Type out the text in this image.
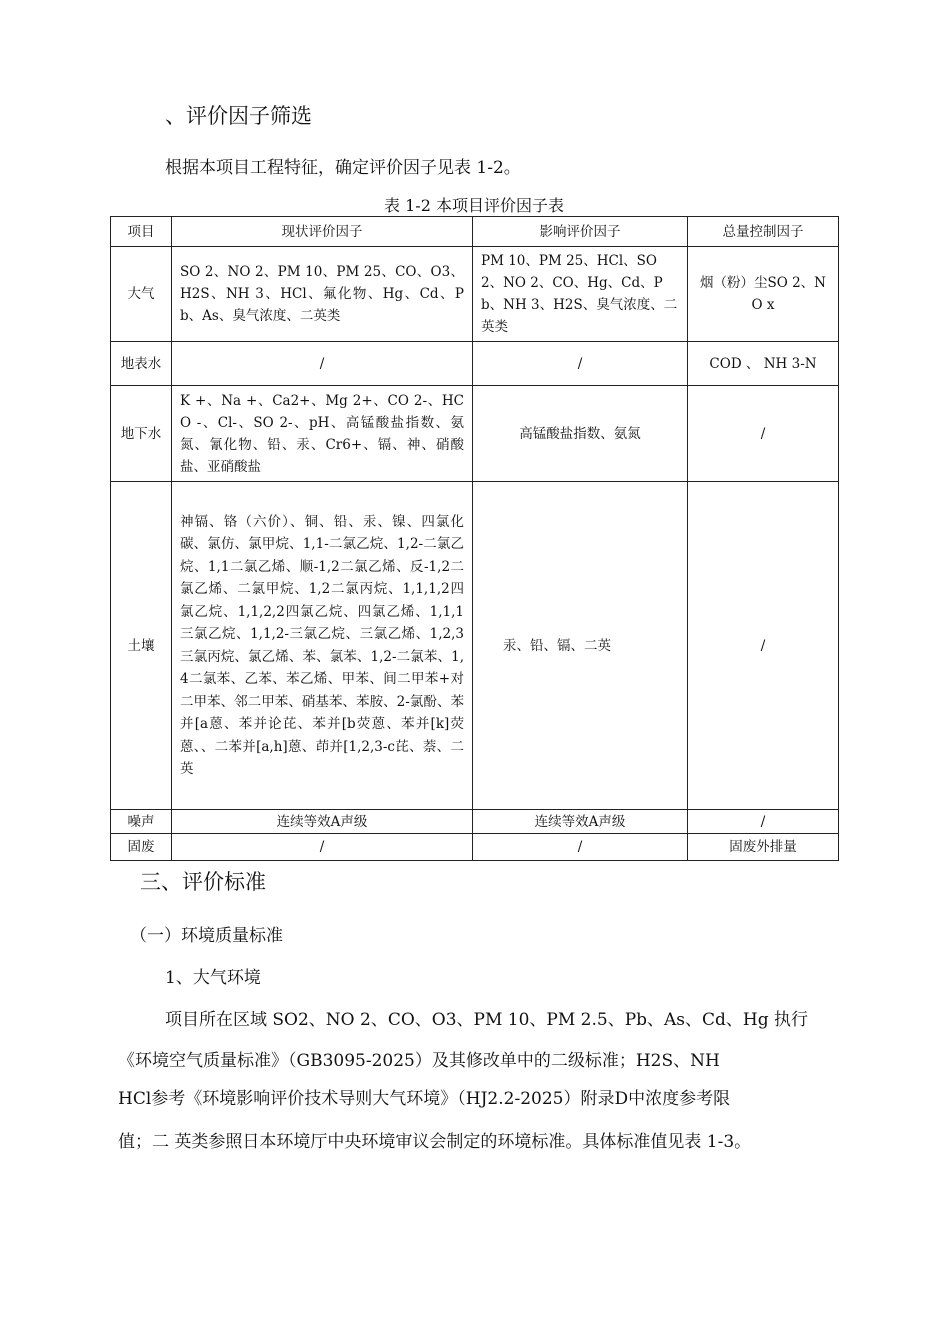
、评价因子筛选
根据本项目工程特征，确定评价因子见表 1-2。
表 1-2 本项目评价因子表
项目	现状评价因子	影响评价因子	总量控制因子
大气	SO 2、NO 2、PM 10、PM 25、CO、O3、H2S、NH 3、HCl、氟化物、Hg、Cd、Pb、As、臭气浓度、二英类	PM 10、PM 25、HCl、SO 2、NO 2、CO、Hg、Cd、Pb、NH 3、H2S、臭气浓度、二英类	烟（粉）尘SO 2、NO x
地表水	/	/	COD 、 NH 3-N
地下水	K +、Na +、Ca2+、Mg 2+、CO 2-、HCO -、Cl-、SO 2-、pH、高锰酸盐指数、氨氮、氰化物、铅、汞、Cr6+、镉、神、硝酸盐、亚硝酸盐	高锰酸盐指数、氨氮	/
土壤	神镉、铬（六价）、铜、铅、汞、镍、四氯化碳、氯仿、氯甲烷、1,1-二氯乙烷、1,2-二氯乙烷、1,1二氯乙烯、顺-1,2二氯乙烯、反-1,2二氯乙烯、二氯甲烷、1,2二氯丙烷、1,1,1,2四氯乙烷、1,1,2,2四氯乙烷、四氯乙烯、1,1,1三氯乙烷、1,1,2-三氯乙烷、三氯乙烯、1,2,3三氯丙烷、氯乙烯、苯、氯苯、1,2-二氯苯、1,4二氯苯、乙苯、苯乙烯、甲苯、间二甲苯+对二甲苯、邻二甲苯、硝基苯、苯胺、2-氯酚、苯并[a蒽、苯并论芘、苯并[b荧蒽、苯并[k]荧蒽、、二苯并[a,h]蒽、茚并[1,2,3-c芘、萘、二英	汞、铅、镉、二英	/
噪声	连续等效A声级	连续等效A声级	/
固废	/	/	固废外排量
三、评价标准
（一）环境质量标准
1、大气环境
项目所在区域 SO2、NO 2、CO、O3、PM 10、PM 2.5、Pb、As、Cd、Hg 执行
《环境空气质量标准》（GB3095-2025）及其修改单中的二级标准；H2S、NH
HCl参考《环境影响评价技术导则大气环境》（HJ2.2-2025）附录D中浓度参考限
值；二 英类参照日本环境厅中央环境审议会制定的环境标准。具体标准值见表 1-3。
